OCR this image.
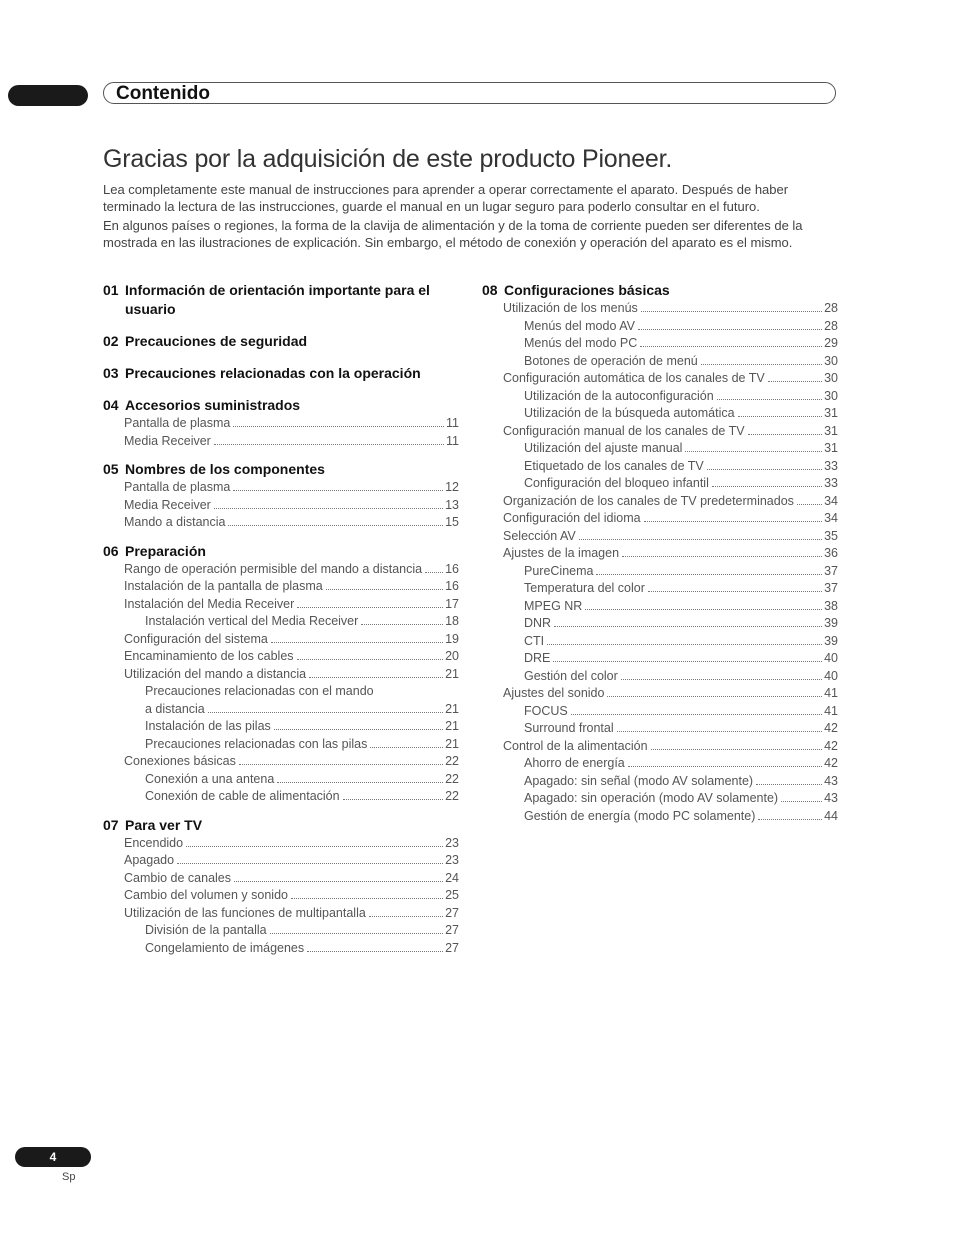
Contenido
Gracias por la adquisición de este producto Pioneer.

Lea completamente este manual de instrucciones para aprender a operar correctamente el aparato. Después de haber terminado la lectura de las instrucciones, guarde el manual en un lugar seguro para poderlo consultar en el futuro.

En algunos países o regiones, la forma de la clavija de alimentación y de la toma de corriente pueden ser diferentes de la mostrada en las ilustraciones de explicación. Sin embargo, el método de conexión y operación del aparato es el mismo.

01 Información de orientación importante para el usuario
02 Precauciones de seguridad
03 Precauciones relacionadas con la operación
04 Accesorios suministrados
Pantalla de plasma	11
Media Receiver	11
05 Nombres de los componentes
Pantalla de plasma	12
Media Receiver	13
Mando a distancia	15
06 Preparación
Rango de operación permisible del mando a distancia 16
Instalación de la pantalla de plasma	16
Instalación del Media Receiver	17
Instalación vertical del Media Receiver	18
Configuración del sistema	19
Encaminamiento de los cables	20
Utilización del mando a distancia	21
Precauciones relacionadas con el mando
a distancia	21
Instalación de las pilas	21
Precauciones relacionadas con las pilas	21
Conexiones básicas	22
Conexión a una antena	22
Conexión de cable de alimentación	22
07 Para ver TV
Encendido	23
Apagado	23
Cambio de canales	24
Cambio del volumen y sonido	25
Utilización de las funciones de multipantalla	27
División de la pantalla	27
Congelamiento de imágenes	27
08 Configuraciones básicas
Utilización de los menús	28
Menús del modo AV	28
Menús del modo PC	29
Botones de operación de menú	30
Configuración automática de los canales de TV	30
Utilización de la autoconfiguración	30
Utilización de la búsqueda automática	31
Configuración manual de los canales de TV	31
Utilización del ajuste manual	31
Etiquetado de los canales de TV	33
Configuración del bloqueo infantil	33
Organización de los canales de TV predeterminados 34
Configuración del idioma	34
Selección AV	35
Ajustes de la imagen	36
PureCinema	37
Temperatura del color	37
MPEG NR	38
DNR	39
CTI	39
DRE	40
Gestión del color	40
Ajustes del sonido	41
FOCUS	41
Surround frontal	42
Control de la alimentación	42
Ahorro de energía	42
Apagado: sin señal (modo AV solamente)	43
Apagado: sin operación (modo AV solamente)	43
Gestión de energía (modo PC solamente)	44
4
Sp
